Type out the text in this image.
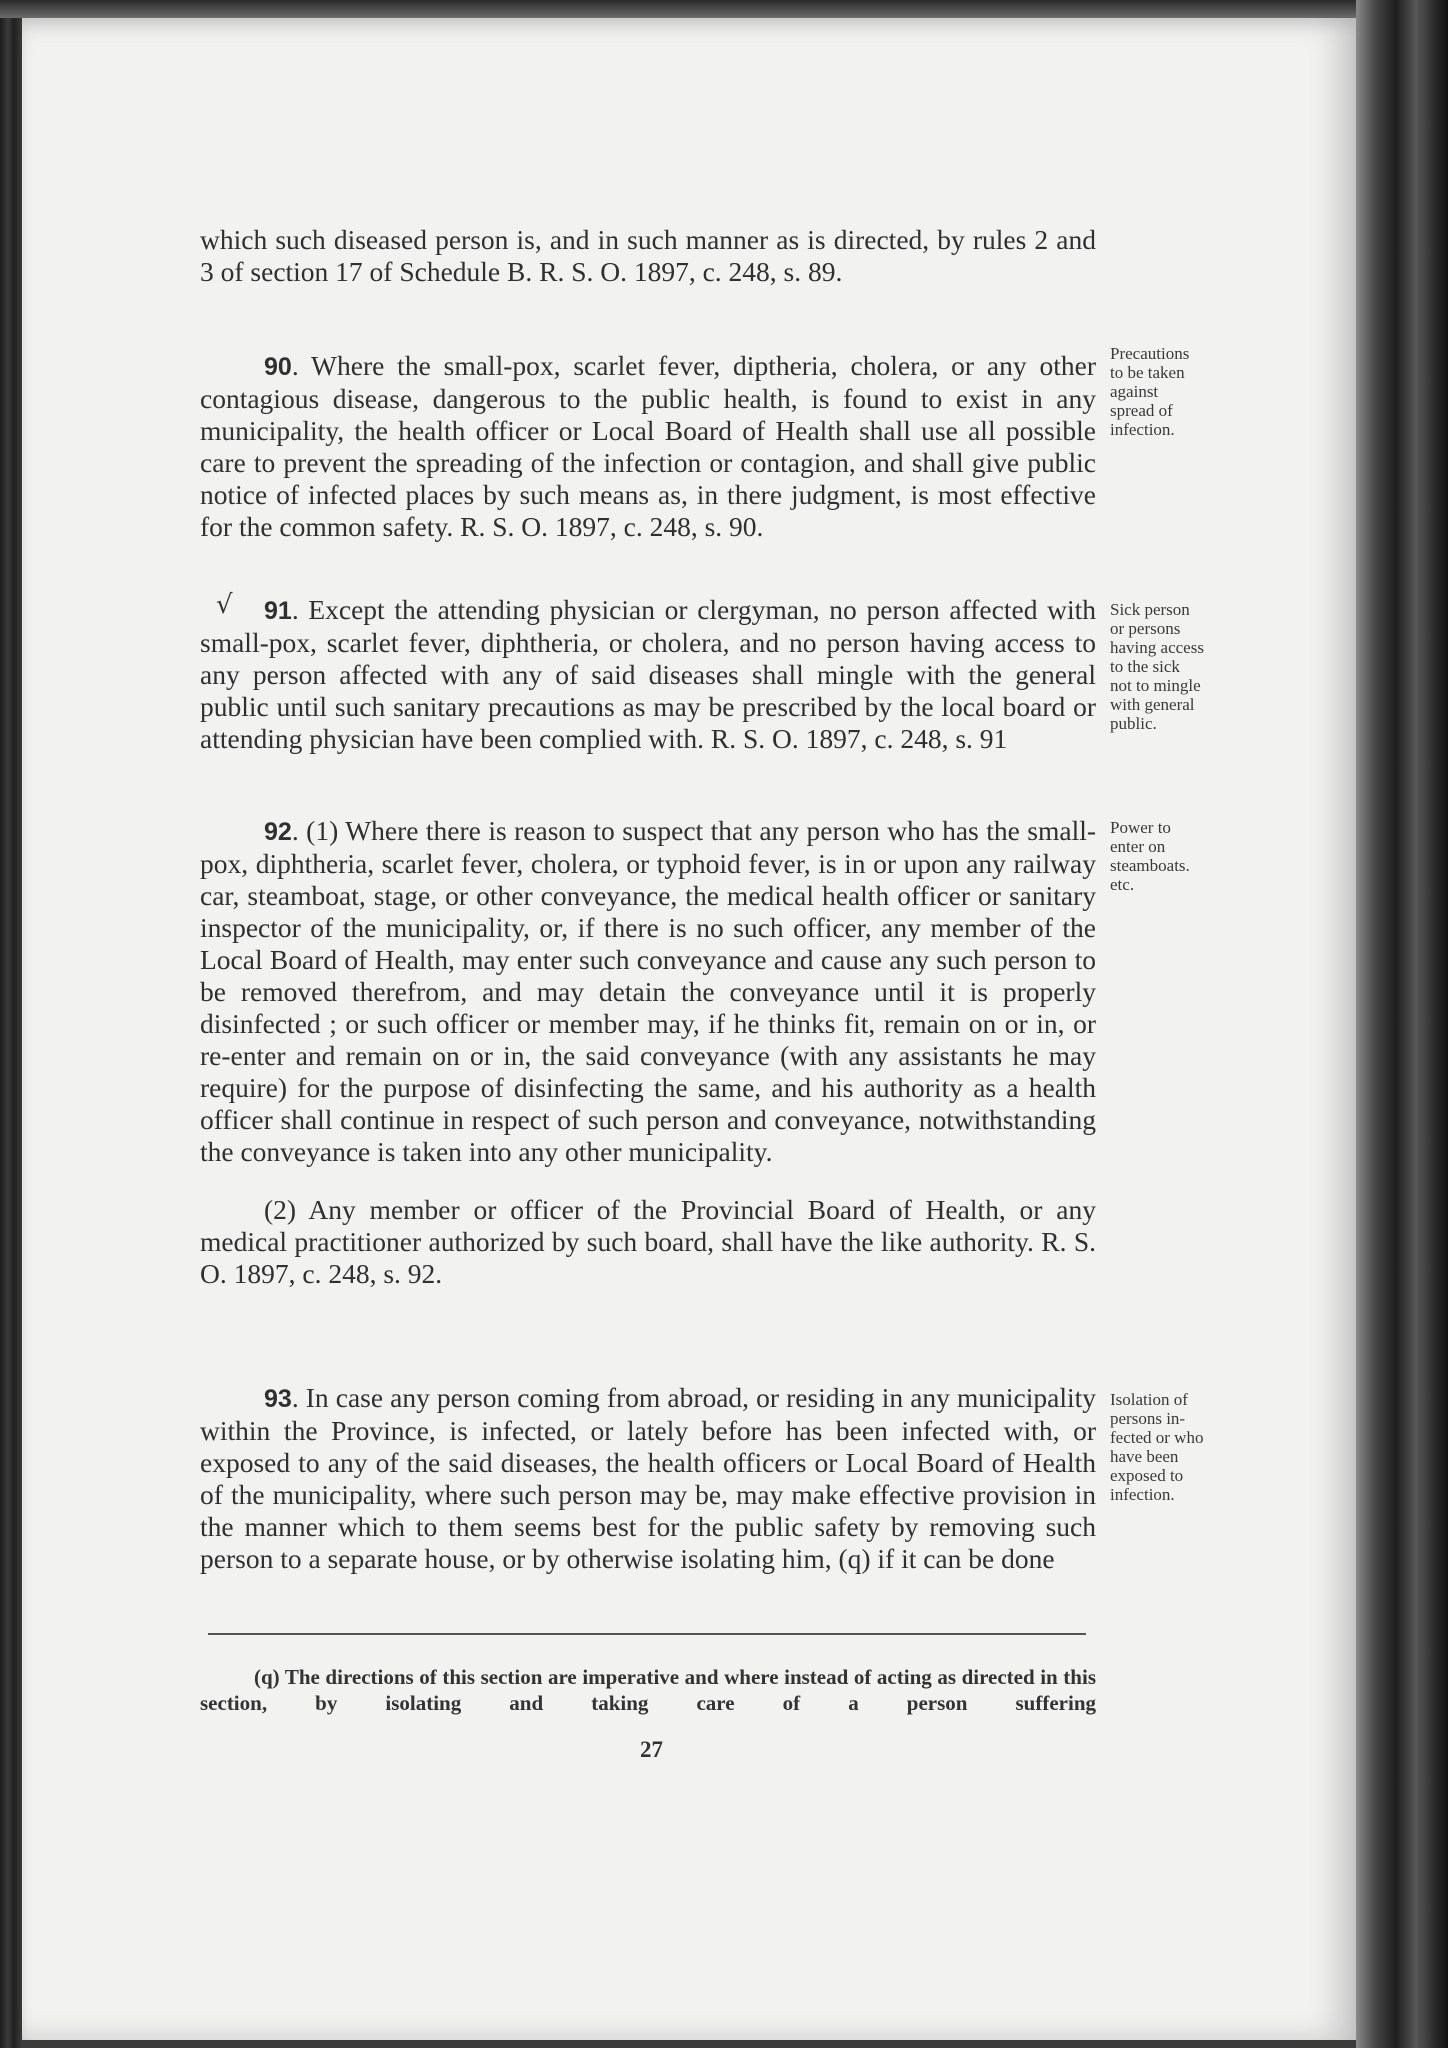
which such diseased person is, and in such manner as is directed, by rules 2 and 3 of section 17 of Schedule B. R. S. O. 1897, c. 248, s. 89.

90. Where the small-pox, scarlet fever, diptheria, cholera, or any other contagious disease, dangerous to the public health, is found to exist in any municipality, the health officer or Local Board of Health shall use all possible care to prevent the spreading of the infection or contagion, and shall give public notice of infected places by such means as, in there judgment, is most effective for the common safety. R. S. O. 1897, c. 248, s. 90.

Precautions
to be taken
against
spread of
infection.
√	91. Except the attending physician or clergyman, no person affected with small-pox, scarlet fever, diphtheria, or cholera, and no person having access to any person affected with any of said diseases shall mingle with the general public until such sanitary precautions as may be prescribed by the local board or attending physician have been complied with. R. S. O. 1897, c. 248, s. 91

Sick person
or persons
having access
to the sick
not to mingle
with general
public.

92. (1) Where there is reason to suspect that any person who has the small-pox, diphtheria, scarlet fever, cholera, or typhoid fever, is in or upon any railway car, steamboat, stage, or other conveyance, the medical health officer or sanitary inspector of the municipality, or, if there is no such officer, any member of the Local Board of Health, may enter such conveyance and cause any such person to be removed therefrom, and may detain the conveyance until it is properly disinfected ; or such officer or member may, if he thinks fit, remain on or in, or re-enter and remain on or in, the said conveyance (with any assistants he may require) for the purpose of disinfecting the same, and his authority as a health officer shall continue in respect of such person and conveyance, notwithstanding the conveyance is taken into any other municipality.

(2) Any member or officer of the Provincial Board of Health, or any medical practitioner authorized by such board, shall have the like authority. R. S. O. 1897, c. 248, s. 92.

Power to
enter on
steamboats.
etc.

93. In case any person coming from abroad, or residing in any municipality within the Province, is infected, or lately before has been infected with, or exposed to any of the said diseases, the health officers or Local Board of Health of the municipality, where such person may be, may make effective provision in the manner which to them seems best for the public safety by removing such person to a separate house, or by otherwise isolating him, (q) if it can be done

Isolation of
persons in-
fected or who
have been
exposed to
infection.

(q) The directions of this section are imperative and where instead of acting as directed in this section, by isolating and taking care of a person suffering

27
